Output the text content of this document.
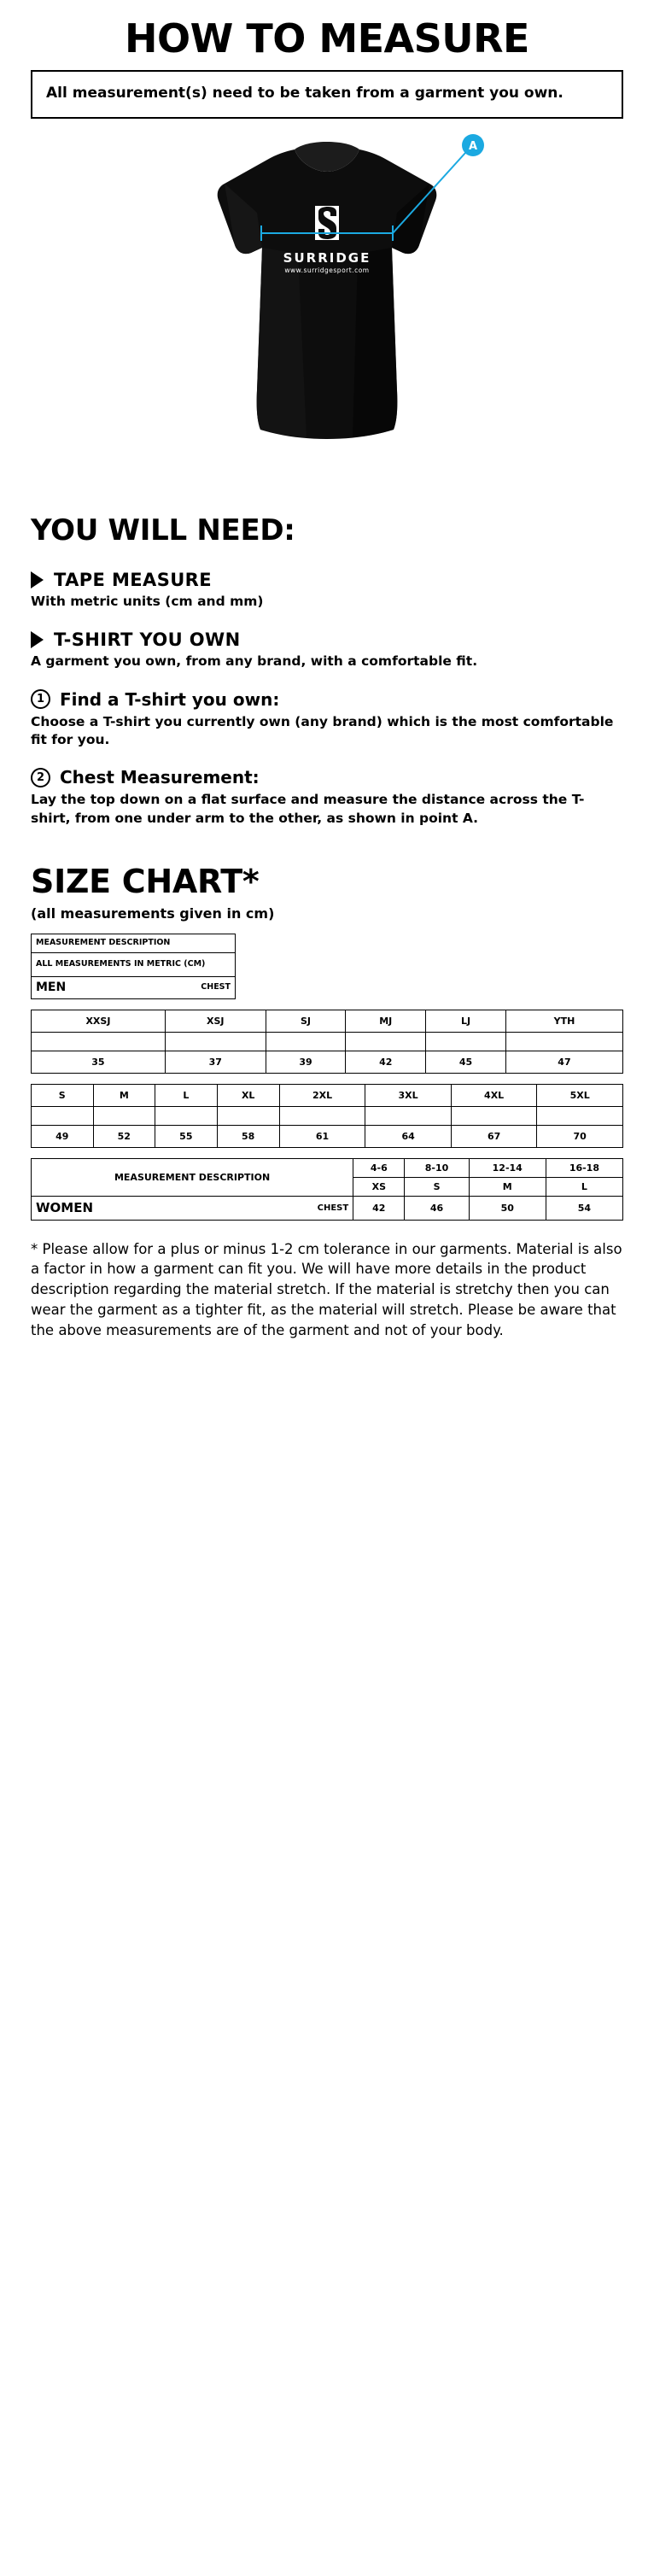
HOW TO MEASURE
All measurement(s) need to be taken from a garment you own.
SURRIDGE
www.surridgesport.com
A
YOU WILL NEED:
TAPE MEASURE
With metric units (cm and mm)
T-SHIRT YOU OWN
A garment you own, from any brand, with a comfortable fit.
1 Find a T-shirt you own:
Choose a T-shirt you currently own (any brand) which is the most comfortable fit for you.
2 Chest Measurement:
Lay the top down on a flat surface and measure the distance across the T-shirt, from one under arm to the other, as shown in point A.
SIZE CHART*
(all measurements given in cm)
MEASUREMENT DESCRIPTION
ALL MEASUREMENTS IN METRIC (CM)

MEN	CHEST
XXSJ	XSJ	SJ	MJ	LJ	YTH

35	37	39	42	45	47
S	M	L	XL	2XL	3XL	4XL	5XL

49	52	55	58	61	64	67	70
MEASUREMENT DESCRIPTION	4-6	8-10	12-14	16-18
	XS	S	M	L

WOMEN CHEST	42	46	50	54
* Please allow for a plus or minus 1-2 cm tolerance in our garments. Material is also a factor in how a garment can fit you. We will have more details in the product description regarding the material stretch. If the material is stretchy then you can wear the garment as a tighter fit, as the material will stretch. Please be aware that the above measurements are of the garment and not of your body.
